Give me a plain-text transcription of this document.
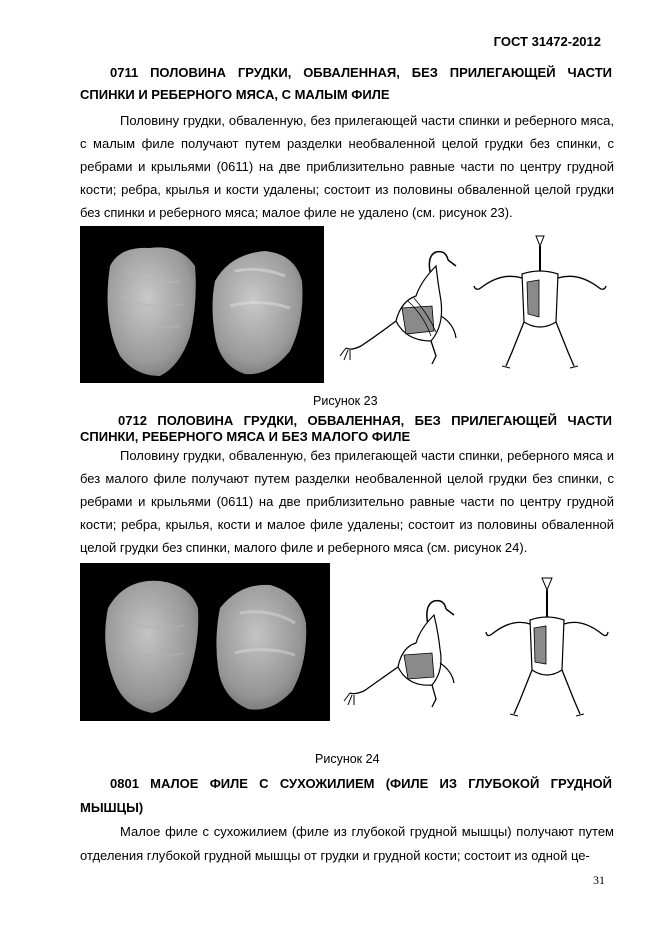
ГОСТ 31472-2012
0711 ПОЛОВИНА ГРУДКИ, ОБВАЛЕННАЯ, БЕЗ ПРИЛЕГАЮЩЕЙ ЧАСТИ СПИНКИ И РЕБЕРНОГО МЯСА, С МАЛЫМ ФИЛЕ
Половину грудки, обваленную, без прилегающей части спинки и реберного мяса, с малым филе получают путем разделки необваленной целой грудки без спинки, с ребрами и крыльями (0611) на две приблизительно равные части по центру грудной кости; ребра, крылья и кости удалены; состоит из половины обваленной целой грудки без спинки и реберного мяса; малое филе не удалено (см. рисунок 23).
Рисунок 23
0712 ПОЛОВИНА ГРУДКИ, ОБВАЛЕННАЯ, БЕЗ ПРИЛЕГАЮЩЕЙ ЧАСТИ СПИНКИ, РЕБЕРНОГО МЯСА И БЕЗ МАЛОГО ФИЛЕ
Половину грудки, обваленную, без прилегающей части спинки, реберного мяса и без малого филе получают путем разделки необваленной целой грудки без спинки, с ребрами и крыльями (0611) на две приблизительно равные части по центру грудной кости; ребра, крылья, кости и малое филе удалены; состоит из половины обваленной целой грудки без спинки, малого филе и реберного мяса (см. рисунок 24).
Рисунок 24
0801 МАЛОЕ ФИЛЕ С СУХОЖИЛИЕМ (ФИЛЕ ИЗ ГЛУБОКОЙ ГРУДНОЙ МЫШЦЫ)
Малое филе с сухожилием (филе из глубокой грудной мышцы) получают путем отделения глубокой грудной мышцы от грудки и грудной кости; состоит из одной це-
31
